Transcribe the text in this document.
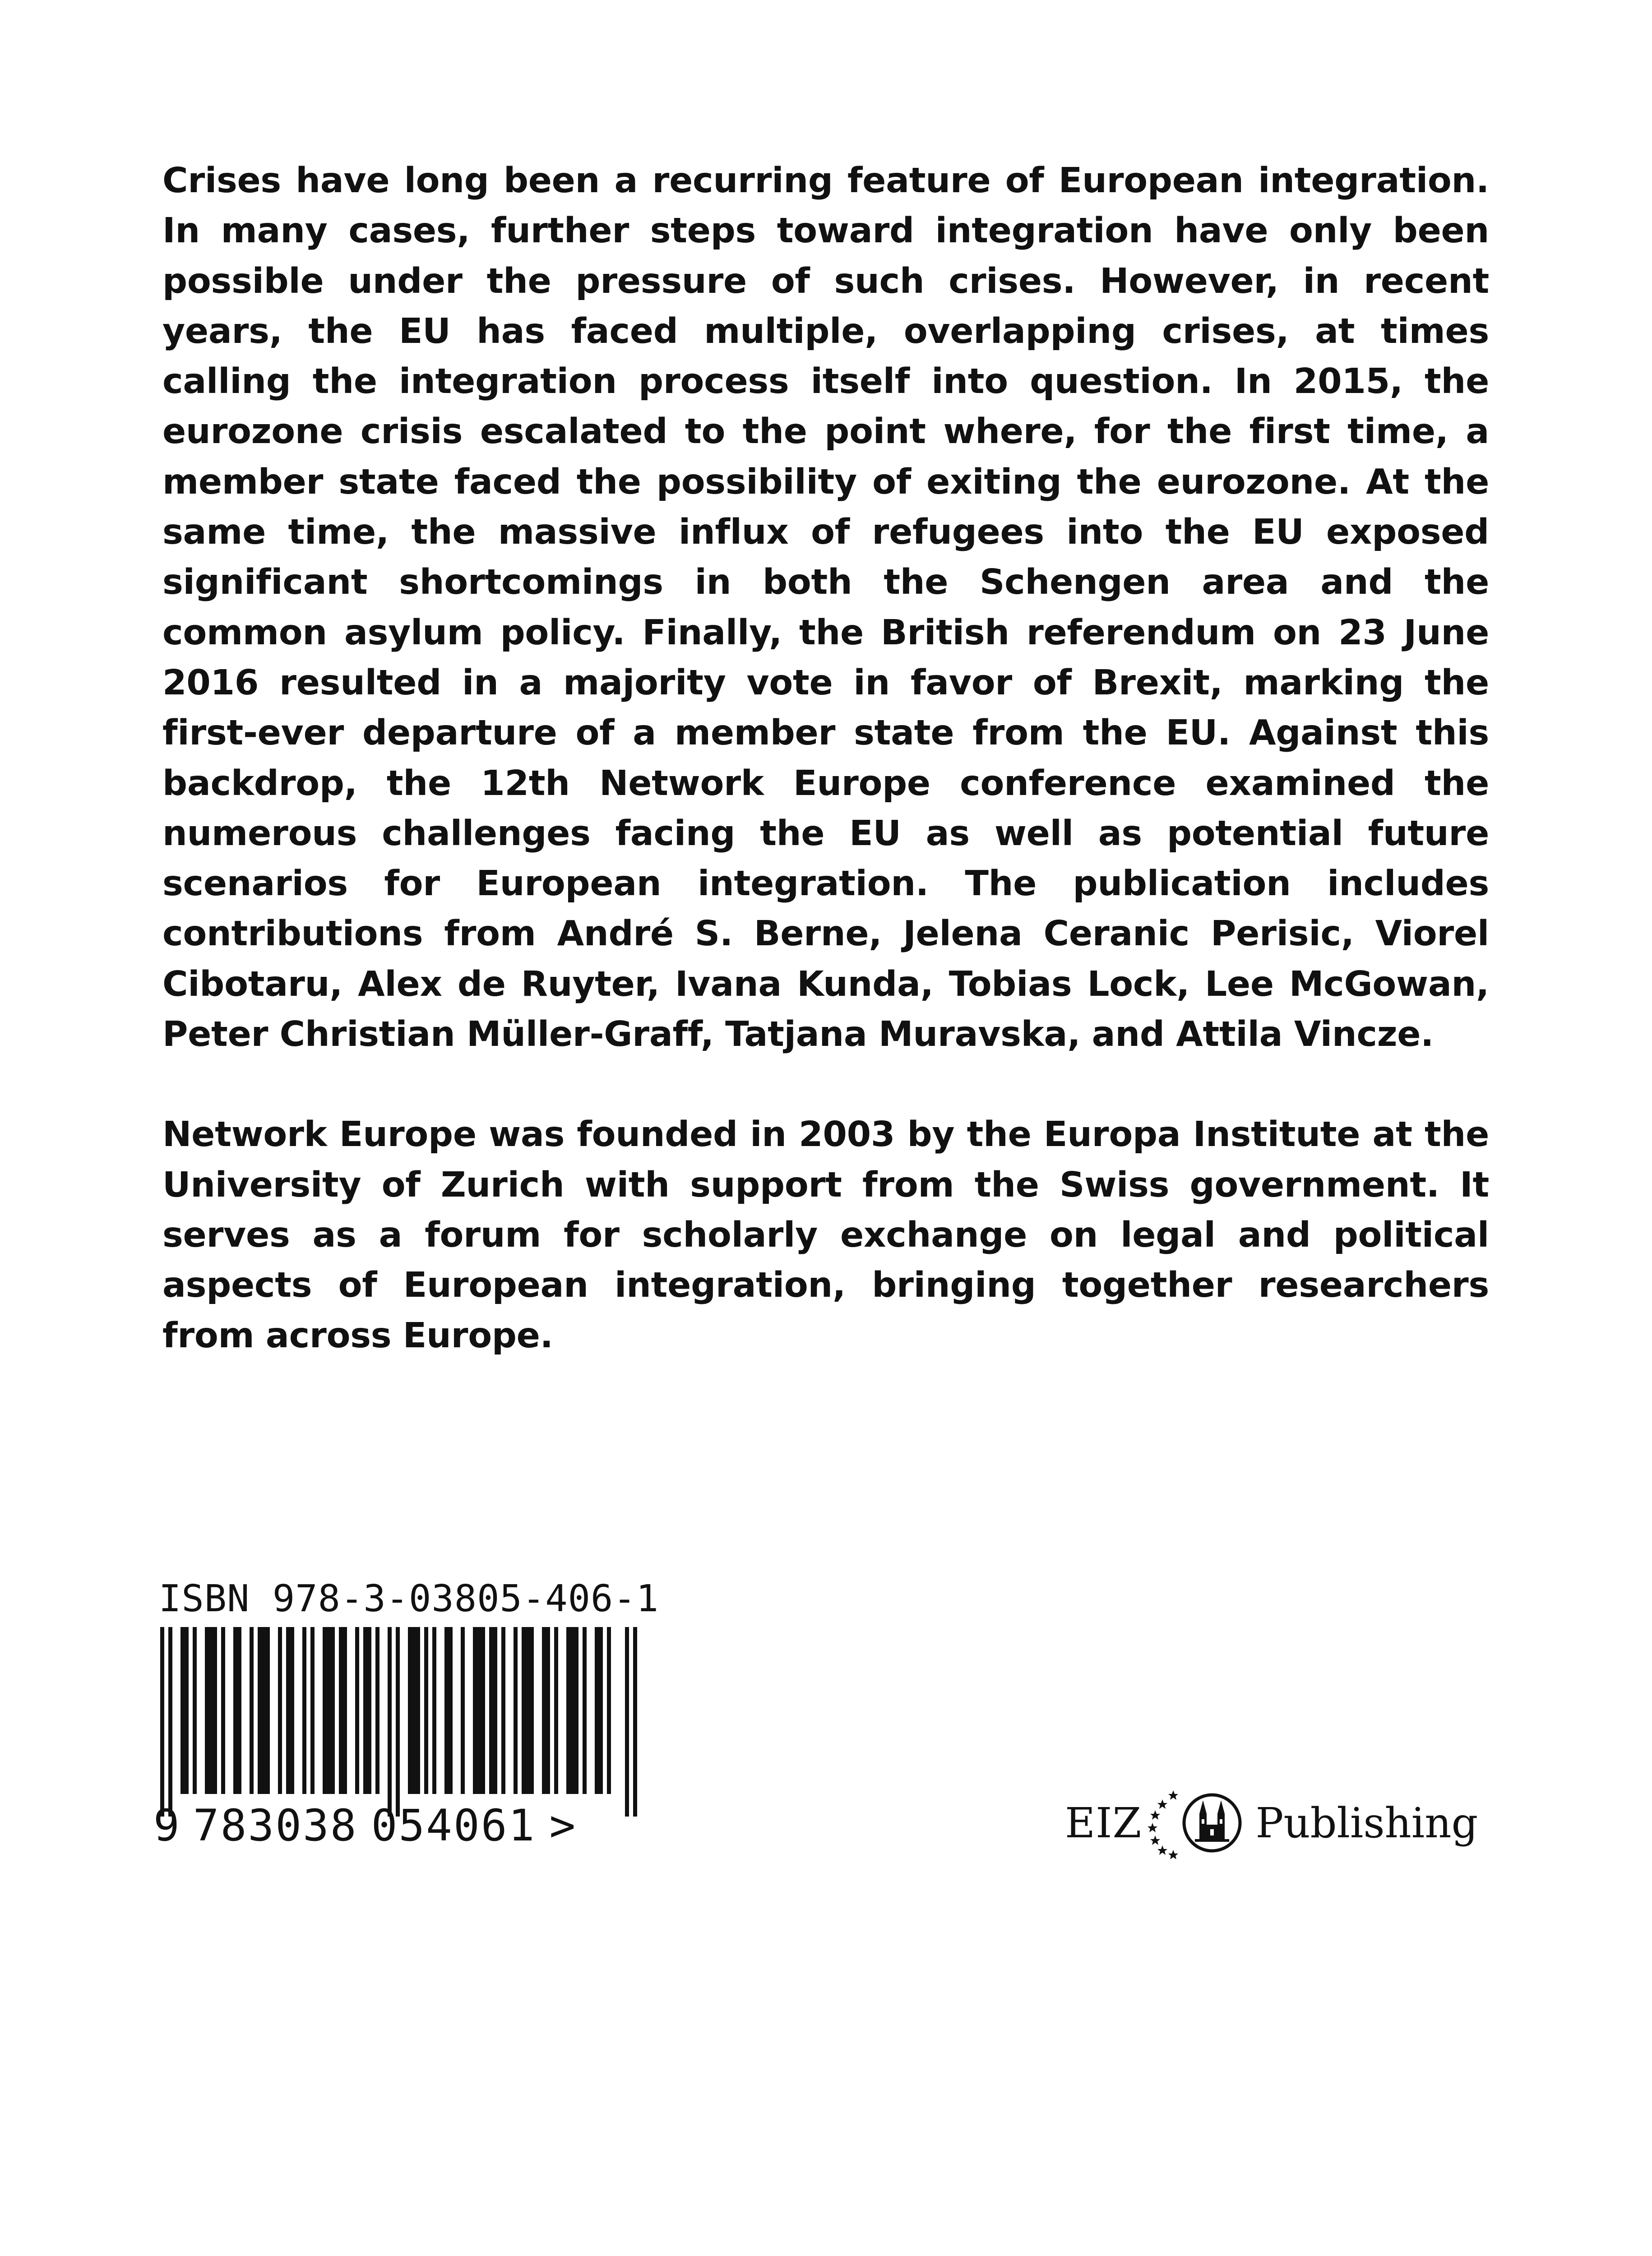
Crises have long been a recurring feature of European integration. In many cases, further steps toward integration have only been possible under the pressure of such crises. However, in recent years, the EU has faced multiple, overlapping crises, at times calling the integration process itself into question. In 2015, the eurozone crisis escalated to the point where, for the first time, a member state faced the possibility of exiting the eurozone. At the same time, the massive influx of refugees into the EU exposed significant shortcomings in both the Schengen area and the common asylum policy. Finally, the British referendum on 23 June 2016 resulted in a majority vote in favor of Brexit, marking the first-ever departure of a member state from the EU. Against this backdrop, the 12th Network Europe conference examined the numerous challenges facing the EU as well as potential future scenarios for European integration. The publication includes contributions from André S. Berne, Jelena Ceranic Perisic, Viorel Cibotaru, Alex de Ruyter, Ivana Kunda, Tobias Lock, Lee McGowan, Peter Christian Müller-Graff, Tatjana Muravska, and Attila Vincze.

Network Europe was founded in 2003 by the Europa Institute at the University of Zurich with support from the Swiss government. It serves as a forum for scholarly exchange on legal and political aspects of European integration, bringing together researchers from across Europe.

ISBN 978-3-03805-406-1
9 783038 054061 >	EIZ	Publishing
